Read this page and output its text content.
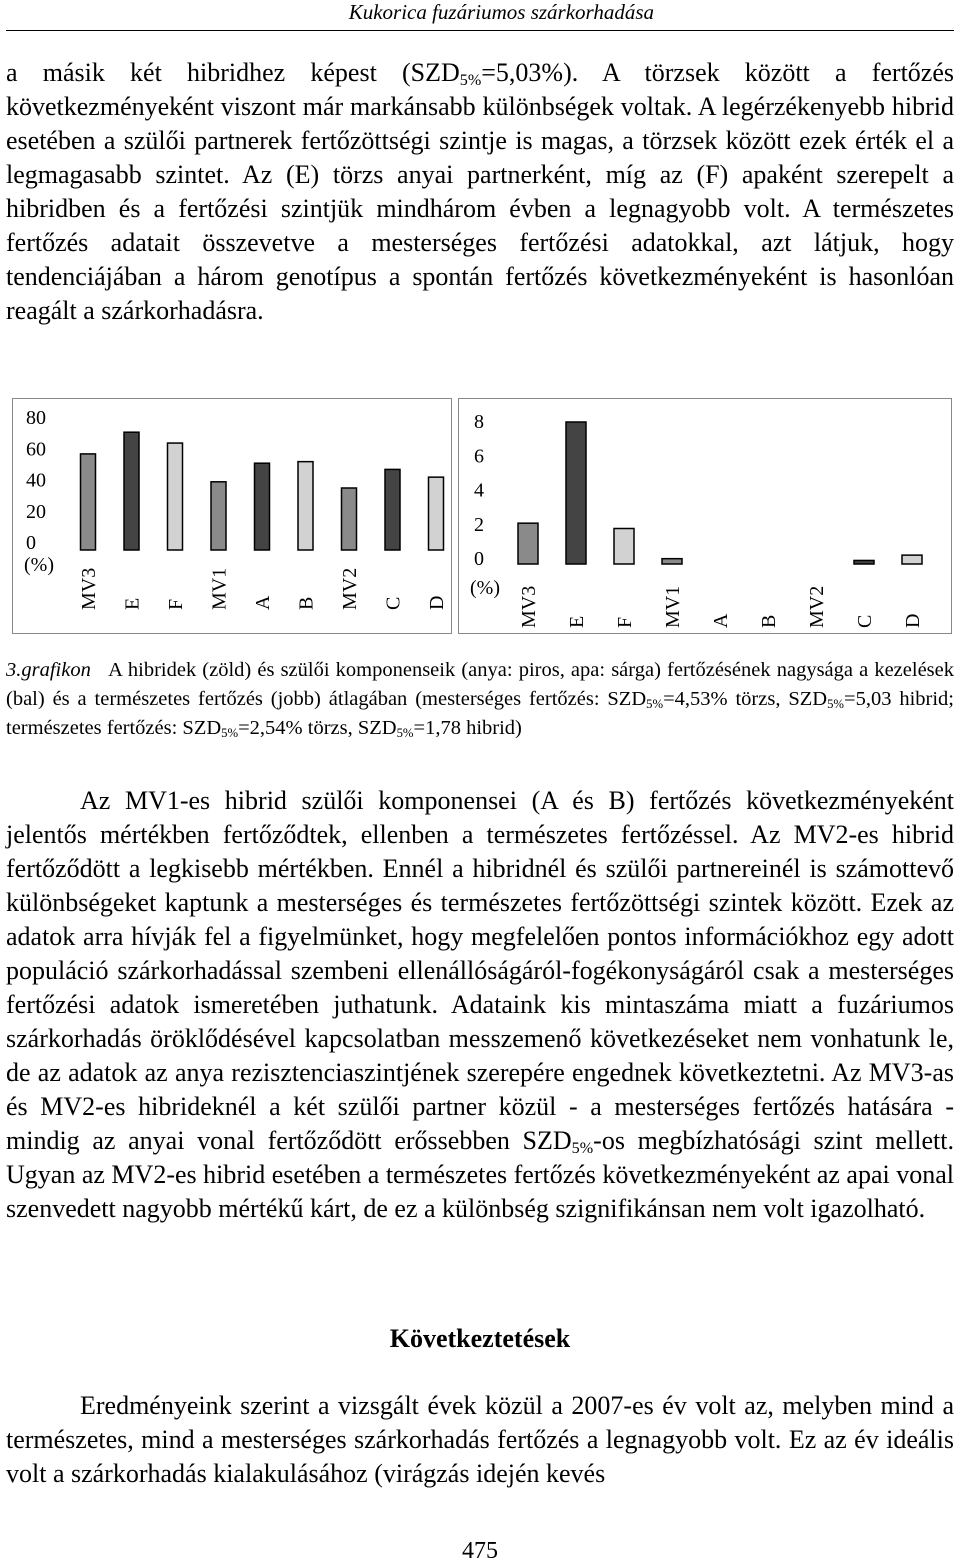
Kukorica fuzáriumos szárkorhadása

a másik két hibridhez képest $(SZD_{5\%}=5,03\%)$. A törzsek között a fertőzés következményeként viszont már markánsabb különbségek voltak. A legérzékenyebb hibrid esetében a szülői partnerek fertőzöttségi szintje is magas, a törzsek között ezek érték el a legmagasabb szintet. Az (E) törzs anyai partnerként, míg az (F) apaként szerepelt a hibridben és a fertőzési szintjük mindhárom évben a legnagyobb volt. A természetes fertőzés adatait összevetve a mesterséges fertőzési adatokkal, azt látjuk, hogy tendenciájában a három genotípus a spontán fertőzés következményeként is hasonlóan reagált a szárkorhadásra.

80
60
40
20
0
(%)
MV3 E F MV1 A B MV2 C D
8
6
4
2
0
(%) MV3 E F MV1 A B MV2 C D

3.grafikon A hibridek (zöld) és szülői komponenseik (anya: piros, apa: sárga) fertőzésének nagysága a kezelések (bal) és a természetes fertőzés (jobb) átlagában (mesterséges fertőzés: $SZD_{5\%}=4,53\%$ törzs, $SZD_{5\%}=5,03$ hibrid; természetes fertőzés: $SZD_{5\%}=2,54\%$ törzs, $SZD_{5\%}=1,78$ hibrid)

Az MV1-es hibrid szülői komponensei (A és B) fertőzés következményeként jelentős mértékben fertőződtek, ellenben a természetes fertőzéssel. Az MV2-es hibrid fertőződött a legkisebb mértékben. Ennél a hibridnél és szülői partnereinél is számottevő különbségeket kaptunk a mesterséges és természetes fertőzöttségi szintek között. Ezek az adatok arra hívják fel a figyelmünket, hogy megfelelően pontos információkhoz egy adott populáció szárkorhadással szembeni ellenállóságáról-fogékonyságáról csak a mesterséges fertőzési adatok ismeretében juthatunk. Adataink kis mintaszáma miatt a fuzáriumos szárkorhadás öröklődésével kapcsolatban messzemenő következéseket nem vonhatunk le, de az adatok az anya rezisztenciaszintjének szerepére engednek következtetni. Az MV3-as és MV2-es hibrideknél a két szülői partner közül - a mesterséges fertőzés hatására - mindig az anyai vonal fertőződött erőssebben $SZD_{5\%}-os$ megbízhatósági szint mellett. Ugyan az MV2-es hibrid esetében a természetes fertőzés következményeként az apai vonal szenvedett nagyobb mértékű kárt, de ez a különbség szignifikánsan nem volt igazolható.

Következtetések

Eredményeink szerint a vizsgált évek közül a 2007-es év volt az, melyben mind a természetes, mind a mesterséges szárkorhadás fertőzés a legnagyobb volt. Ez az év ideális volt a szárkorhadás kialakulásához (virágzás idején kevés

475
